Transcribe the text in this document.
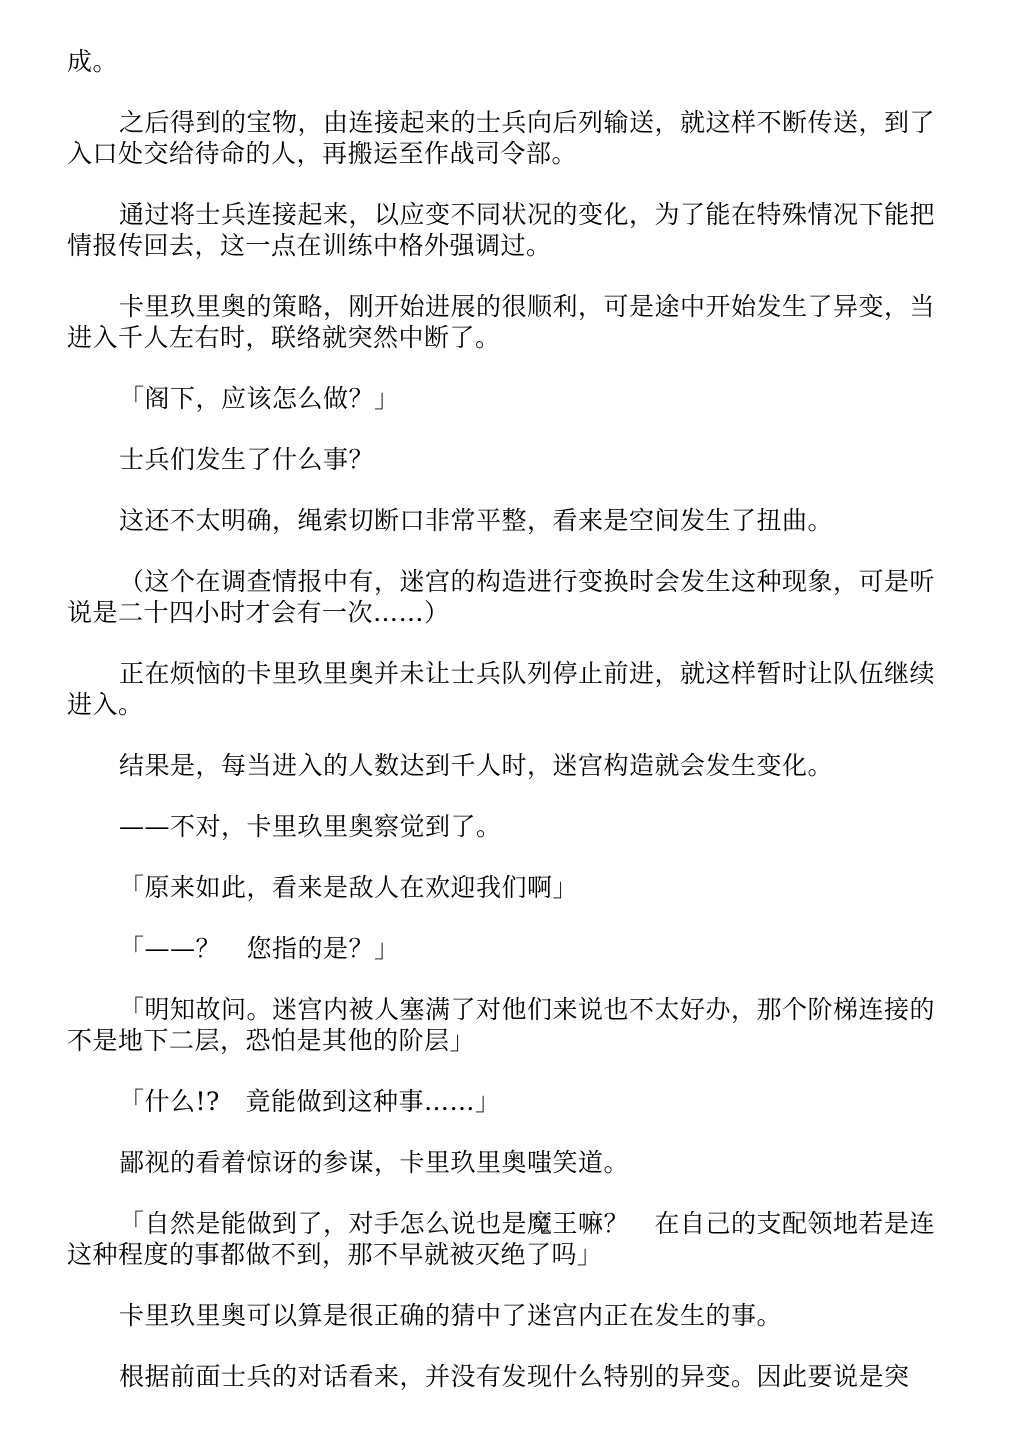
成。

之后得到的宝物，由连接起来的士兵向后列输送，就这样不断传送，到了入口处交给待命的人，再搬运至作战司令部。

通过将士兵连接起来，以应变不同状况的变化，为了能在特殊情况下能把情报传回去，这一点在训练中格外强调过。

卡里玖里奥的策略，刚开始进展的很顺利，可是途中开始发生了异变，当进入千人左右时，联络就突然中断了。

「阁下，应该怎么做？」

士兵们发生了什么事？

这还不太明确，绳索切断口非常平整，看来是空间发生了扭曲。

（这个在调查情报中有，迷宫的构造进行变换时会发生这种现象，可是听说是二十四小时才会有一次……）

正在烦恼的卡里玖里奥并未让士兵队列停止前进，就这样暂时让队伍继续进入。

结果是，每当进入的人数达到千人时，迷宫构造就会发生变化。

——不对，卡里玖里奥察觉到了。

「原来如此，看来是敌人在欢迎我们啊」

「——？　您指的是？」

「明知故问。迷宫内被人塞满了对他们来说也不太好办，那个阶梯连接的不是地下二层，恐怕是其他的阶层」

「什么!?　竟能做到这种事……」

鄙视的看着惊讶的参谋，卡里玖里奥嗤笑道。

「自然是能做到了，对手怎么说也是魔王嘛？　在自己的支配领地若是连这种程度的事都做不到，那不早就被灭绝了吗」

卡里玖里奥可以算是很正确的猜中了迷宫内正在发生的事。

根据前面士兵的对话看来，并没有发现什么特别的异变。因此要说是突
